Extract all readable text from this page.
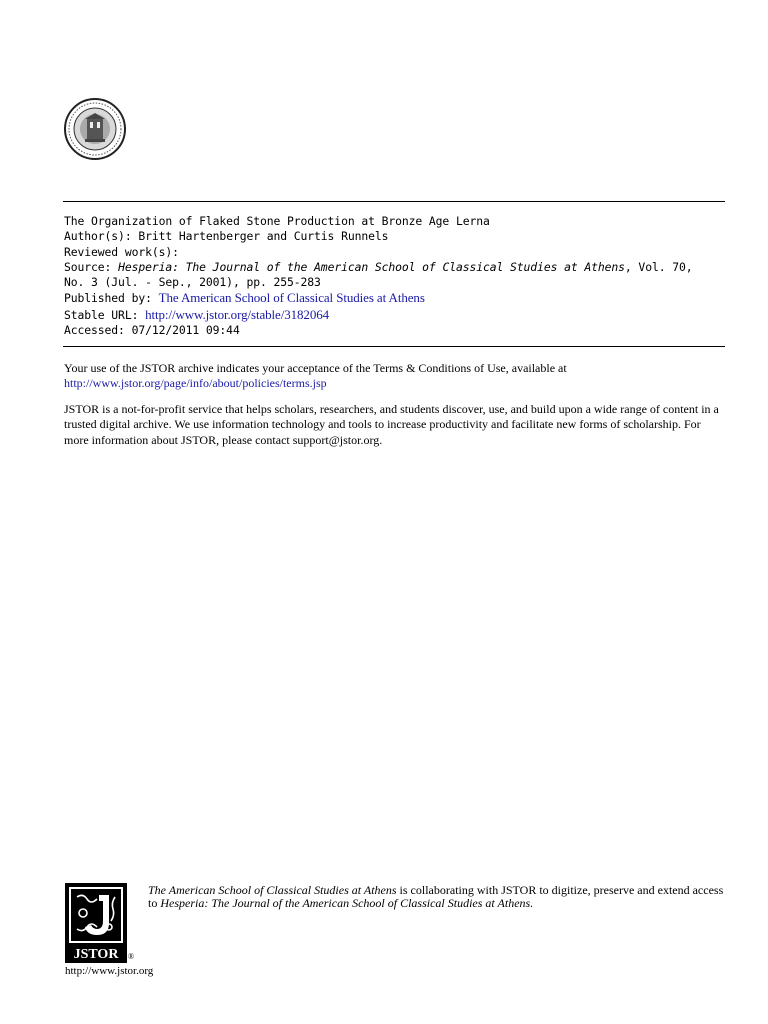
The Organization of Flaked Stone Production at Bronze Age Lerna
Author(s): Britt Hartenberger and Curtis Runnels
Reviewed work(s):
Source: Hesperia: The Journal of the American School of Classical Studies at Athens, Vol. 70,
No. 3 (Jul. - Sep., 2001), pp. 255-283
Published by: The American School of Classical Studies at Athens
Stable URL: http://www.jstor.org/stable/3182064
Accessed: 07/12/2011 09:44

Your use of the JSTOR archive indicates your acceptance of the Terms & Conditions of Use, available at
http://www.jstor.org/page/info/about/policies/terms.jsp

JSTOR is a not-for-profit service that helps scholars, researchers, and students discover, use, and build upon a wide range of content in a trusted digital archive. We use information technology and tools to increase productivity and facilitate new forms of scholarship. For more information about JSTOR, please contact support@jstor.org.

JSTOR ®
The American School of Classical Studies at Athens is collaborating with JSTOR to digitize, preserve and extend access to Hesperia: The Journal of the American School of Classical Studies at Athens.
http://www.jstor.org
